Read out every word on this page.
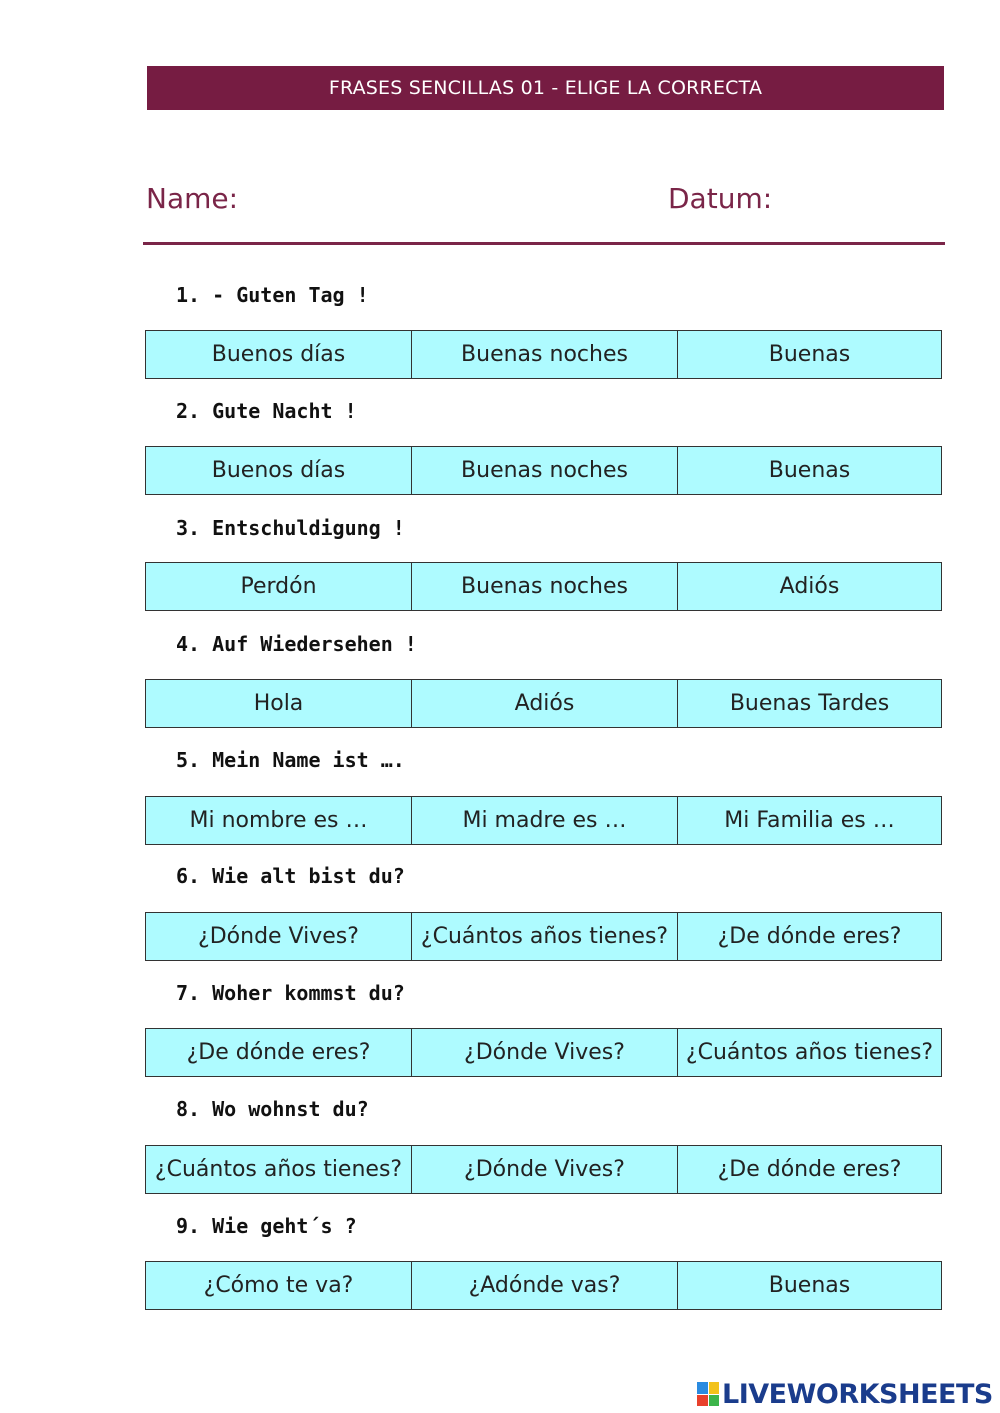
FRASES SENCILLAS 01 - ELIGE LA CORRECTA
Name:	Datum:
1. - Guten Tag !
Buenos días	Buenas noches	Buenas
2. Gute Nacht !
Buenos días	Buenas noches	Buenas
3. Entschuldigung !
Perdón	Buenas noches	Adiós
4. Auf Wiedersehen !
Hola	Adiós	Buenas Tardes
5. Mein Name ist ….
Mi nombre es …	Mi madre es …	Mi Familia es …
6. Wie alt bist du?
¿Dónde Vives?	¿Cuántos años tienes?	¿De dónde eres?
7. Woher kommst du?
¿De dónde eres?	¿Dónde Vives?	¿Cuántos años tienes?
8. Wo wohnst du?
¿Cuántos años tienes?	¿Dónde Vives?	¿De dónde eres?
9. Wie geht´s ?
¿Cómo te va?	¿Adónde vas?	Buenas
LIVEWORKSHEETS
